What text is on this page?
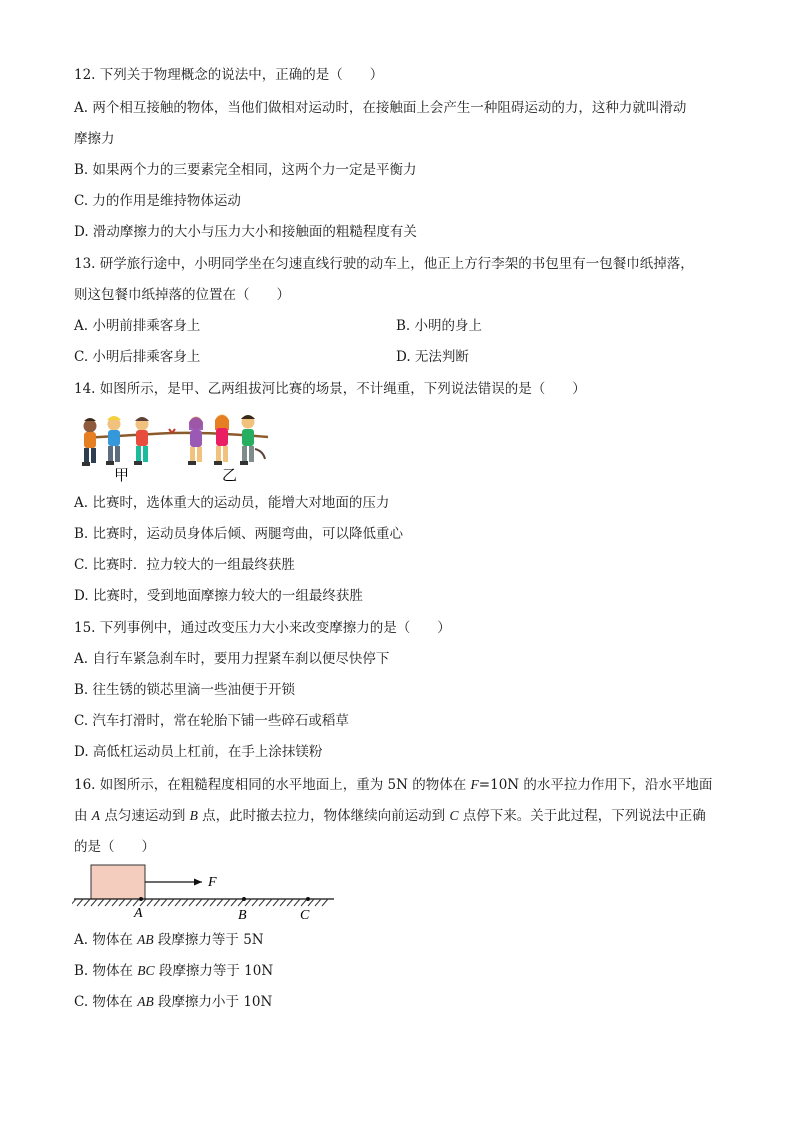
12. 下列关于物理概念的说法中，正确的是（　　）
A. 两个相互接触的物体，当他们做相对运动时，在接触面上会产生一种阻碍运动的力，这种力就叫滑动
摩擦力
B. 如果两个力的三要素完全相同，这两个力一定是平衡力
C. 力的作用是维持物体运动
D. 滑动摩擦力的大小与压力大小和接触面的粗糙程度有关
13. 研学旅行途中，小明同学坐在匀速直线行驶的动车上，他正上方行李架的书包里有一包餐巾纸掉落，
则这包餐巾纸掉落的位置在（　　）
A. 小明前排乘客身上	B. 小明的身上
C. 小明后排乘客身上	D. 无法判断
14. 如图所示，是甲、乙两组拔河比赛的场景，不计绳重，下列说法错误的是（　　）
甲	乙
A. 比赛时，选体重大的运动员，能增大对地面的压力
B. 比赛时，运动员身体后倾、两腿弯曲，可以降低重心
C. 比赛时．拉力较大的一组最终获胜
D. 比赛时，受到地面摩擦力较大的一组最终获胜
15. 下列事例中，通过改变压力大小来改变摩擦力的是（　　）
A. 自行车紧急刹车时，要用力捏紧车刹以便尽快停下
B. 往生锈的锁芯里滴一些油便于开锁
C. 汽车打滑时，常在轮胎下铺一些碎石或稻草
D. 高低杠运动员上杠前，在手上涂抹镁粉
16. 如图所示，在粗糙程度相同的水平地面上，重为 5N 的物体在 F=10N 的水平拉力作用下，沿水平地面
由 A 点匀速运动到 B 点，此时撤去拉力，物体继续向前运动到 C 点停下来。关于此过程，下列说法中正确
的是（　　）
F
A	B	C
A. 物体在 AB 段摩擦力等于 5N
B. 物体在 BC 段摩擦力等于 10N
C. 物体在 AB 段摩擦力小于 10N
